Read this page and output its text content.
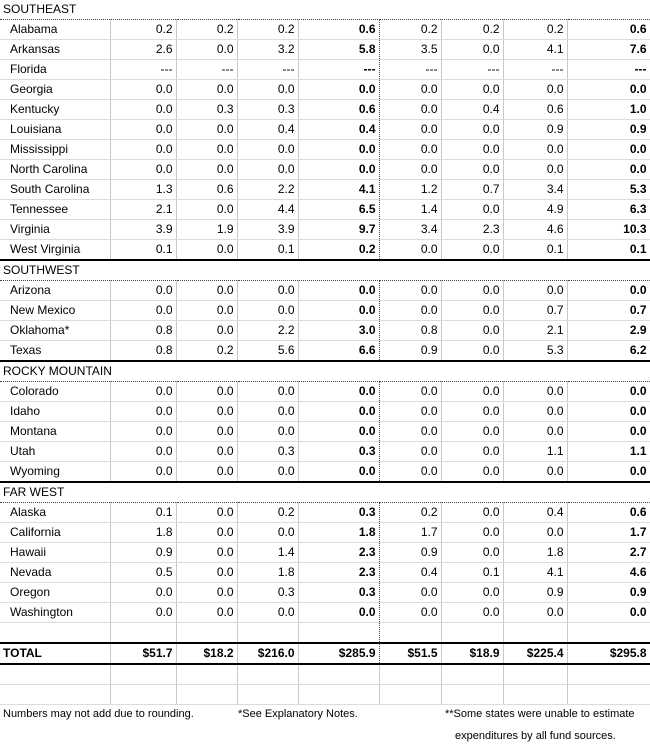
SOUTHEAST								
Alabama	0.2	0.2	0.2	0.6	0.2	0.2	0.2	0.6
Arkansas	2.6	0.0	3.2	5.8	3.5	0.0	4.1	7.6
Florida	---	---	---	---	---	---	---	---
Georgia	0.0	0.0	0.0	0.0	0.0	0.0	0.0	0.0
Kentucky	0.0	0.3	0.3	0.6	0.0	0.4	0.6	1.0
Louisiana	0.0	0.0	0.4	0.4	0.0	0.0	0.9	0.9
Mississippi	0.0	0.0	0.0	0.0	0.0	0.0	0.0	0.0
North Carolina	0.0	0.0	0.0	0.0	0.0	0.0	0.0	0.0
South Carolina	1.3	0.6	2.2	4.1	1.2	0.7	3.4	5.3
Tennessee	2.1	0.0	4.4	6.5	1.4	0.0	4.9	6.3
Virginia	3.9	1.9	3.9	9.7	3.4	2.3	4.6	10.3
West Virginia	0.1	0.0	0.1	0.2	0.0	0.0	0.1	0.1
SOUTHWEST								
Arizona	0.0	0.0	0.0	0.0	0.0	0.0	0.0	0.0
New Mexico	0.0	0.0	0.0	0.0	0.0	0.0	0.7	0.7
Oklahoma*	0.8	0.0	2.2	3.0	0.8	0.0	2.1	2.9
Texas	0.8	0.2	5.6	6.6	0.9	0.0	5.3	6.2
ROCKY MOUNTAIN								
Colorado	0.0	0.0	0.0	0.0	0.0	0.0	0.0	0.0
Idaho	0.0	0.0	0.0	0.0	0.0	0.0	0.0	0.0
Montana	0.0	0.0	0.0	0.0	0.0	0.0	0.0	0.0
Utah	0.0	0.0	0.3	0.3	0.0	0.0	1.1	1.1
Wyoming	0.0	0.0	0.0	0.0	0.0	0.0	0.0	0.0
FAR WEST								
Alaska	0.1	0.0	0.2	0.3	0.2	0.0	0.4	0.6
California	1.8	0.0	0.0	1.8	1.7	0.0	0.0	1.7
Hawaii	0.9	0.0	1.4	2.3	0.9	0.0	1.8	2.7
Nevada	0.5	0.0	1.8	2.3	0.4	0.1	4.1	4.6
Oregon	0.0	0.0	0.3	0.3	0.0	0.0	0.9	0.9
Washington	0.0	0.0	0.0	0.0	0.0	0.0	0.0	0.0

TOTAL	$51.7	$18.2	$216.0	$285.9	$51.5	$18.9	$225.4	$295.8

Numbers may not add due to rounding.			*See Explanatory Notes.			**Some states were unable to estimate		
						expenditures by all fund sources.		
